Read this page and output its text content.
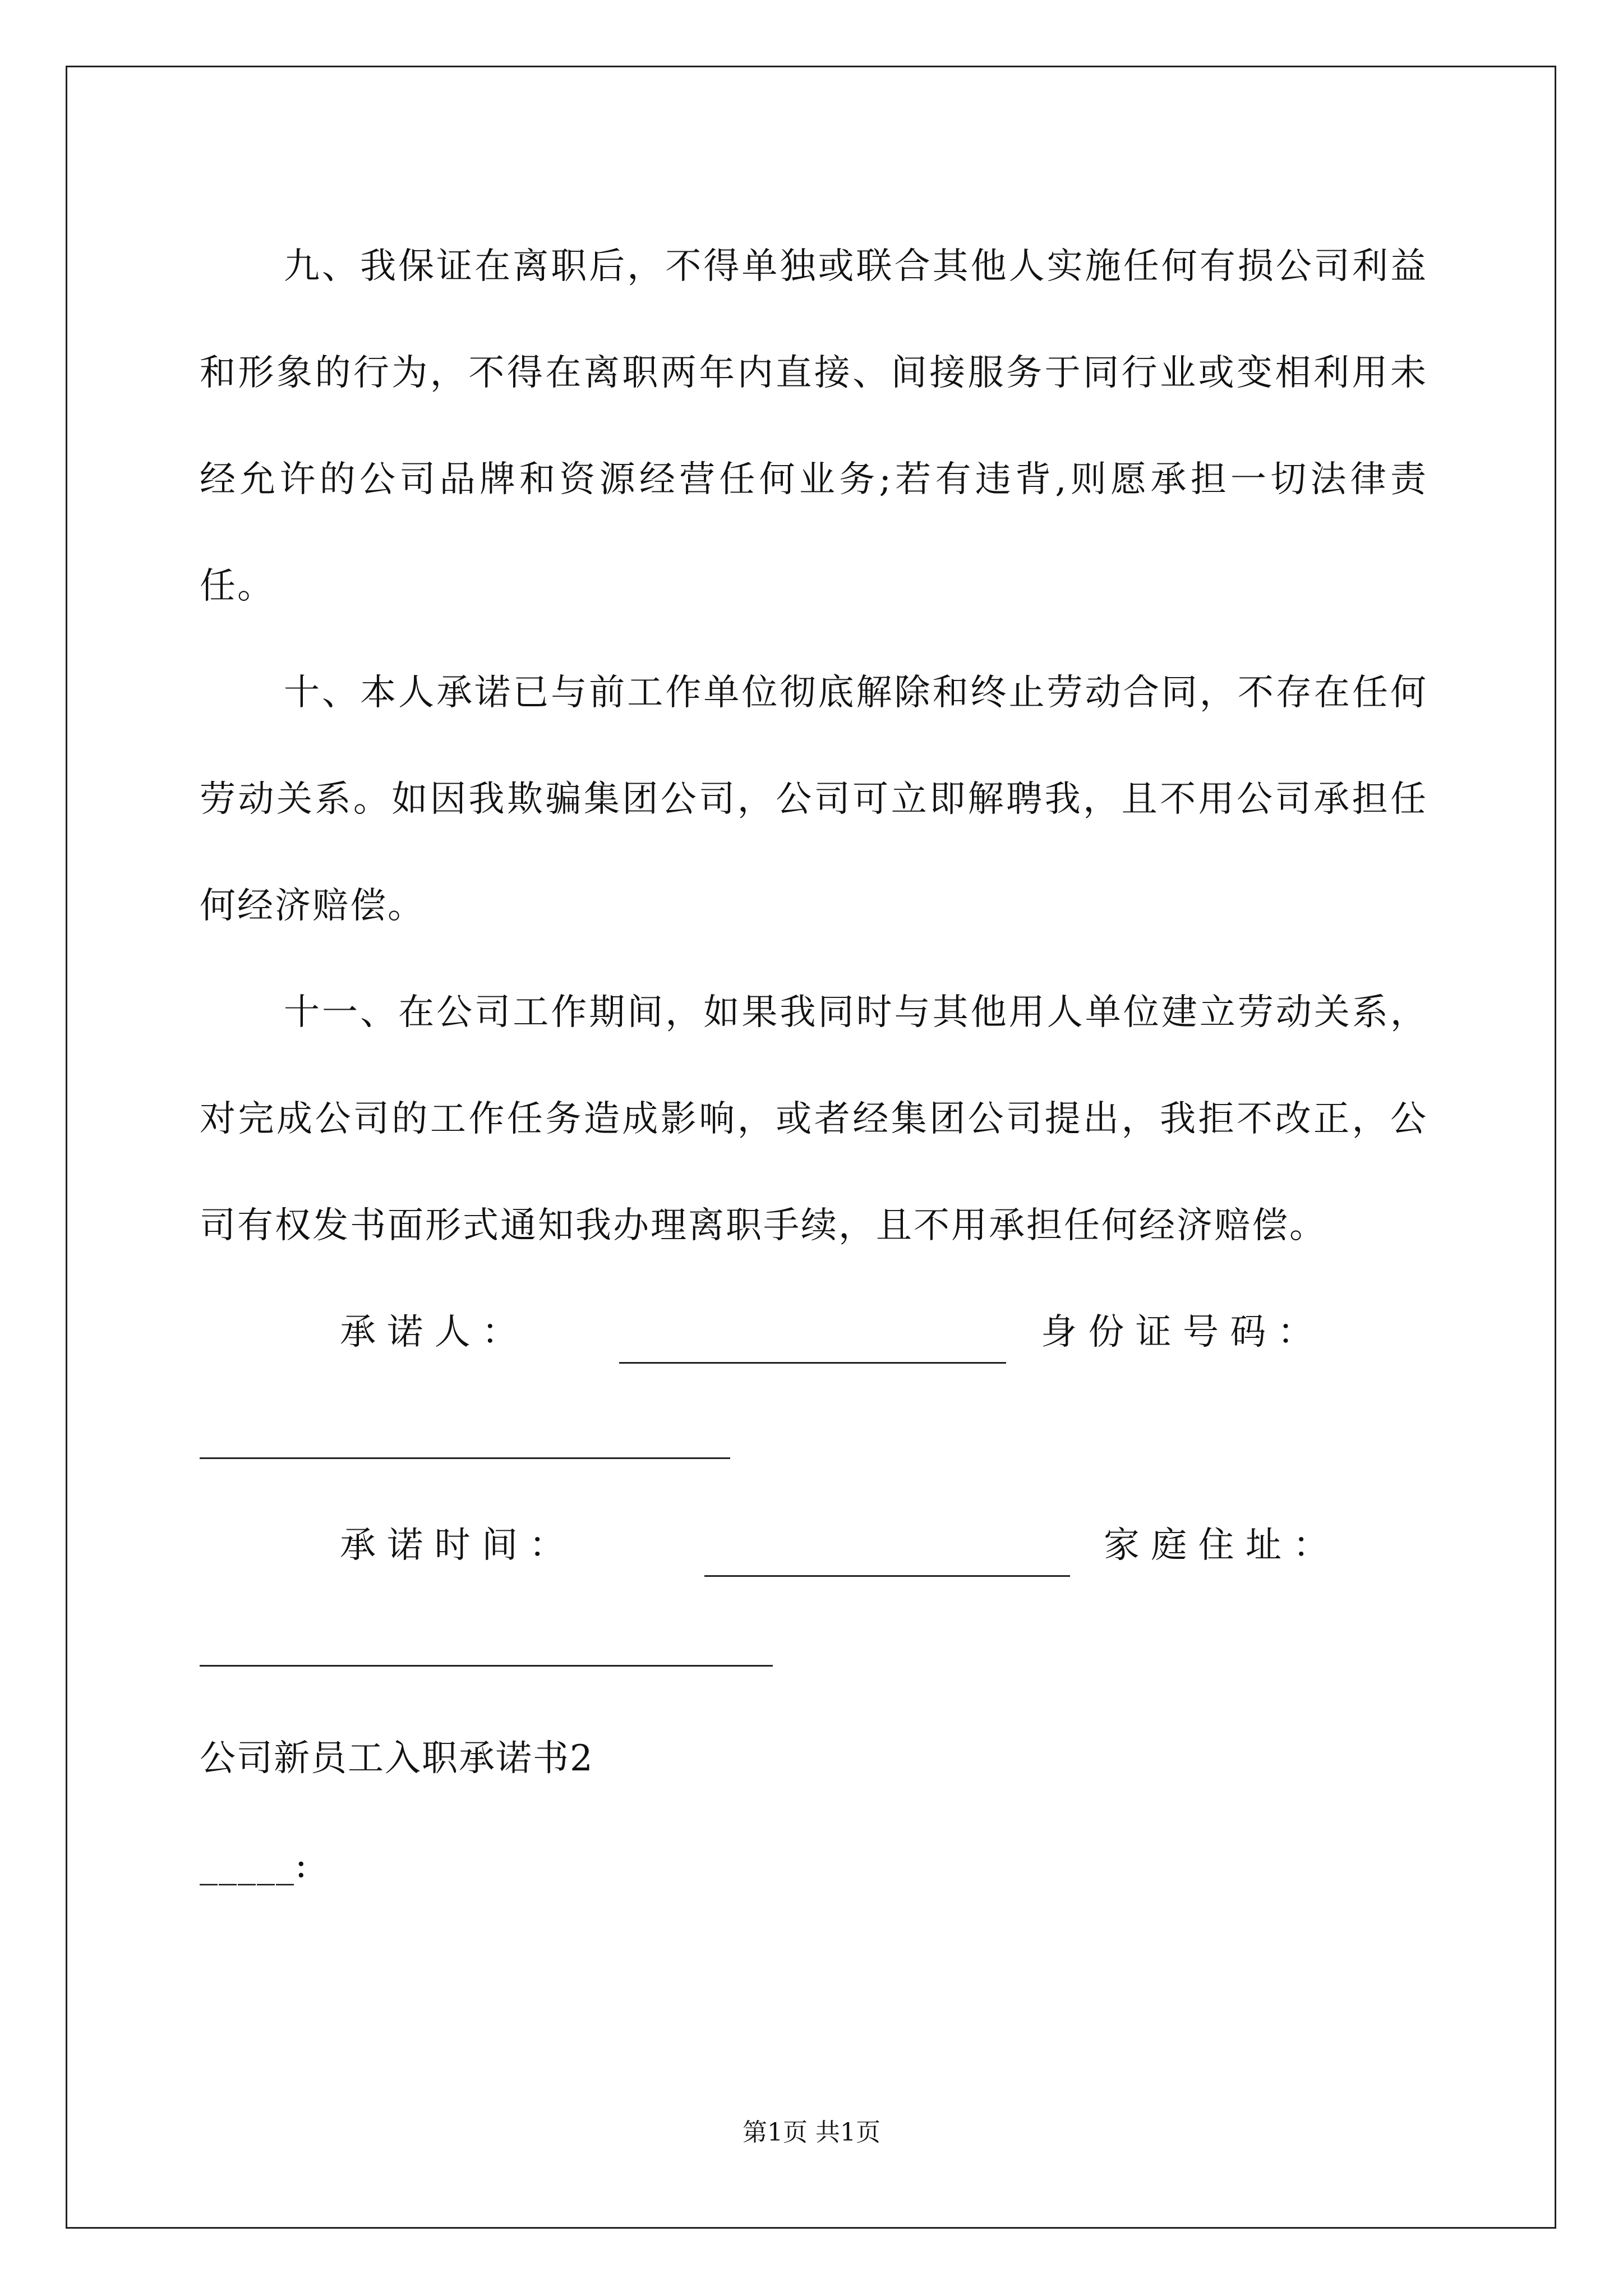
九、我保证在离职后，不得单独或联合其他人实施任何有损公司利益和形象的行为，不得在离职两年内直接、间接服务于同行业或变相利用未经允许的公司品牌和资源经营任何业务;若有违背,则愿承担一切法律责任。

十、本人承诺已与前工作单位彻底解除和终止劳动合同，不存在任何劳动关系。如因我欺骗集团公司，公司可立即解聘我，且不用公司承担任何经济赔偿。

十一、在公司工作期间，如果我同时与其他用人单位建立劳动关系，对完成公司的工作任务造成影响，或者经集团公司提出，我拒不改正，公司有权发书面形式通知我办理离职手续，且不用承担任何经济赔偿。

承 诺 人 ：	身 份 证 号 码 ：
承 诺 时 间 ：	家 庭 住 址 ：

公司新员工入职承诺书2

_____:

第1页 共1页
